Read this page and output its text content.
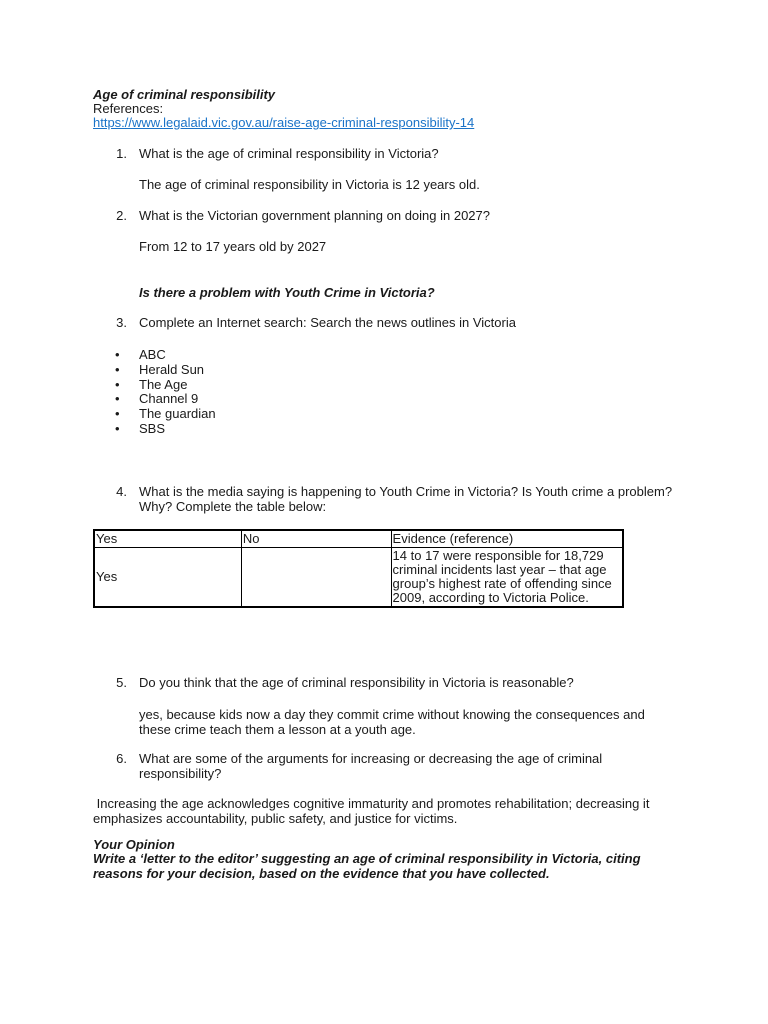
Age of criminal responsibility
References:
https://www.legalaid.vic.gov.au/raise-age-criminal-responsibility-14
1. What is the age of criminal responsibility in Victoria?
The age of criminal responsibility in Victoria is 12 years old.
2. What is the Victorian government planning on doing in 2027?
From 12 to 17 years old by 2027
Is there a problem with Youth Crime in Victoria?
3. Complete an Internet search: Search the news outlines in Victoria
• ABC
• Herald Sun
• The Age
• Channel 9
• The guardian
• SBS
4. What is the media saying is happening to Youth Crime in Victoria? Is Youth crime a problem? Why? Complete the table below:
Yes	No	Evidence (reference)
Yes		14 to 17 were responsible for 18,729 criminal incidents last year – that age group’s highest rate of offending since 2009, according to Victoria Police.
5. Do you think that the age of criminal responsibility in Victoria is reasonable?
yes, because kids now a day they commit crime without knowing the consequences and these crime teach them a lesson at a youth age.
6. What are some of the arguments for increasing or decreasing the age of criminal responsibility?
Increasing the age acknowledges cognitive immaturity and promotes rehabilitation; decreasing it emphasizes accountability, public safety, and justice for victims.
Your Opinion
Write a ‘letter to the editor’ suggesting an age of criminal responsibility in Victoria, citing reasons for your decision, based on the evidence that you have collected.
